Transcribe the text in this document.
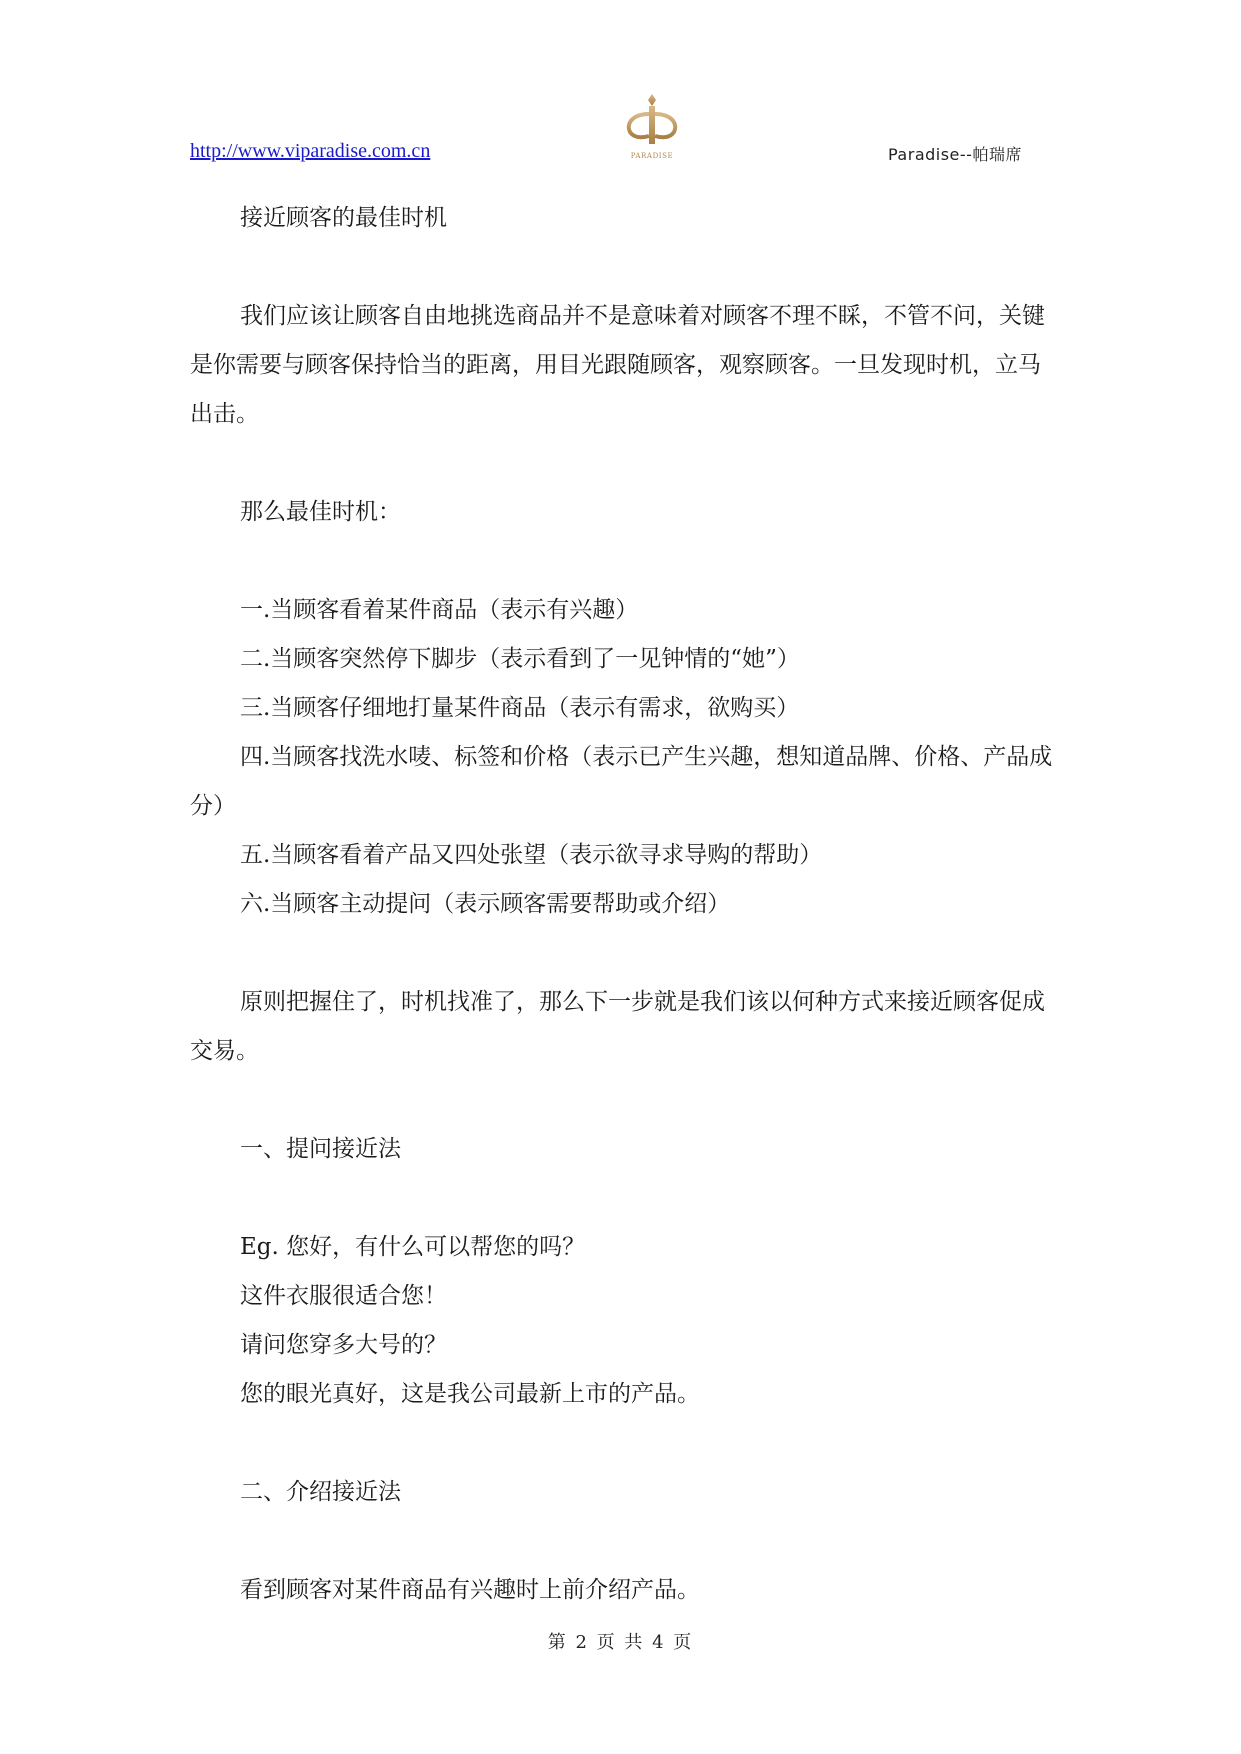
http://www.viparadise.com.cn	PARADISE	Paradise--帕瑞席

接近顾客的最佳时机

我们应该让顾客自由地挑选商品并不是意味着对顾客不理不睬，不管不问，关键是你需要与顾客保持恰当的距离，用目光跟随顾客，观察顾客。一旦发现时机，立马出击。

那么最佳时机：

一.当顾客看着某件商品（表示有兴趣）

二.当顾客突然停下脚步（表示看到了一见钟情的“她”）

三.当顾客仔细地打量某件商品（表示有需求，欲购买）

四.当顾客找洗水唛、标签和价格（表示已产生兴趣，想知道品牌、价格、产品成分）

五.当顾客看着产品又四处张望（表示欲寻求导购的帮助）

六.当顾客主动提问（表示顾客需要帮助或介绍）

原则把握住了，时机找准了，那么下一步就是我们该以何种方式来接近顾客促成交易。

一、提问接近法

Eg. 您好，有什么可以帮您的吗？

这件衣服很适合您！

请问您穿多大号的？

您的眼光真好，这是我公司最新上市的产品。

二、介绍接近法

看到顾客对某件商品有兴趣时上前介绍产品。

第 2 页 共 4 页
